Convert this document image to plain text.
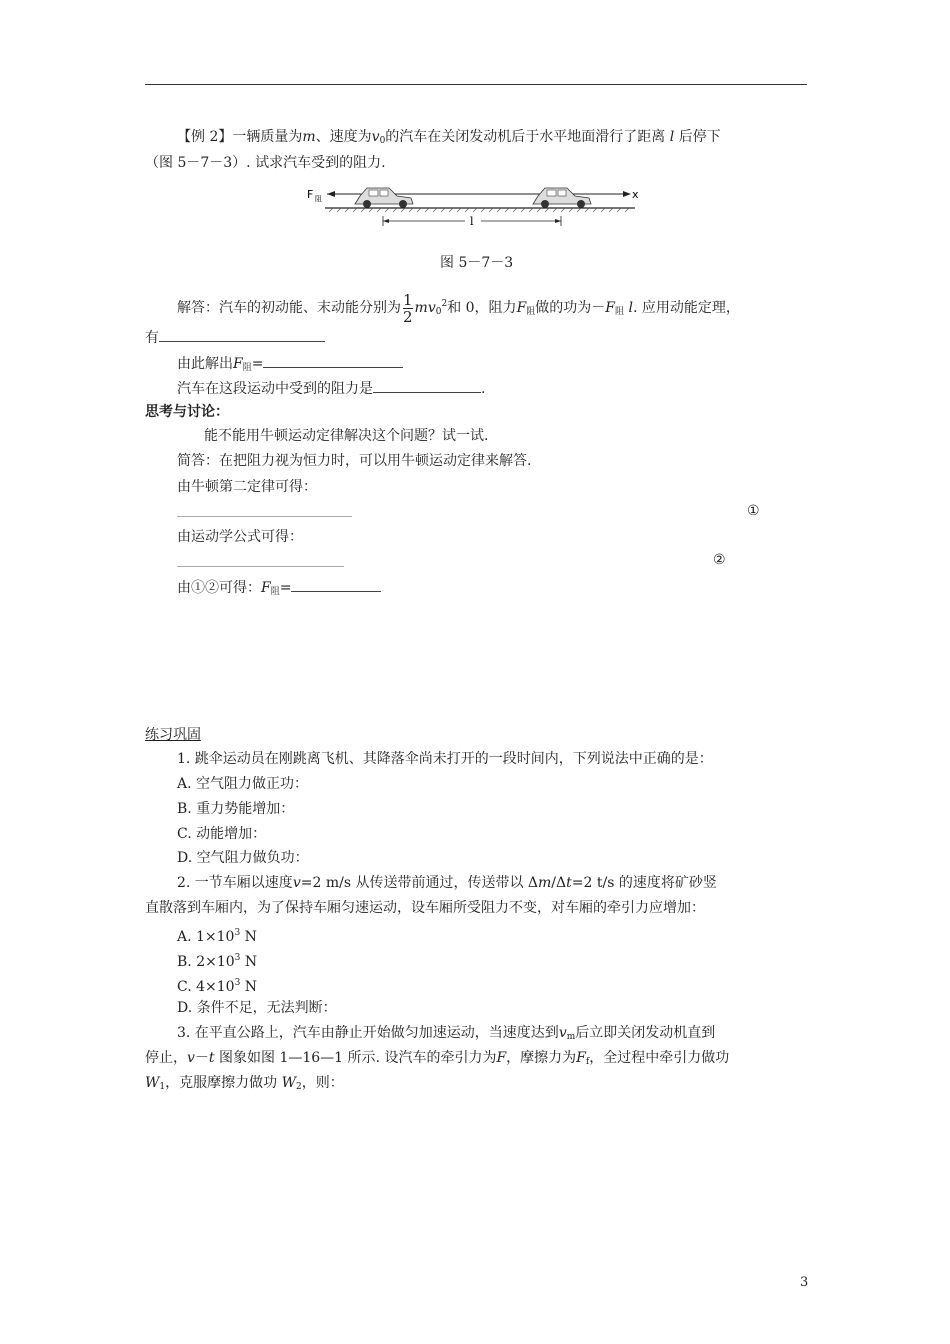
【例 2】一辆质量为m、速度为$v_0$的汽车在关闭发动机后于水平地面滑行了距离 l 后停下
（图 5－7－3）. 试求汽车受到的阻力.
F 阻	x
l
图 5－7－3
解答：汽车的初动能、末动能分别为 $\frac{1}{2} mv_0^2$和 0，阻力$F_阻$做的功为$-F_阻$ l. 应用动能定理，
有
由此解出$F_阻=$
汽车在这段运动中受到的阻力是	.
思考与讨论：
能不能用牛顿运动定律解决这个问题？试一试.
简答：在把阻力视为恒力时，可以用牛顿运动定律来解答.
由牛顿第二定律可得：
①
由运动学公式可得：
②
由①②可得：$F_阻=$
练习巩固
1. 跳伞运动员在刚跳离飞机、其降落伞尚未打开的一段时间内，下列说法中正确的是：
A. 空气阻力做正功：
B. 重力势能增加：
C. 动能增加：
D. 空气阻力做负功：
2. 一节车厢以速度v=2 m/s 从传送带前通过，传送带以 Δm/Δt=2 t/s 的速度将矿砂竖
直散落到车厢内，为了保持车厢匀速运动，设车厢所受阻力不变，对车厢的牵引力应增加：
A. $1\times 10^3$ N
B. $2\times 10^3$ N
C. $4\times 10^3$ N
D. 条件不足，无法判断：
3. 在平直公路上，汽车由静止开始做匀加速运动，当速度达到$v_m$后立即关闭发动机直到
停止，v－t 图象如图 1—16—1 所示. 设汽车的牵引力为F，摩擦力为$F_f$，全过程中牵引力做功
$W_1$，克服摩擦力做功 $W_2$，则：
3
